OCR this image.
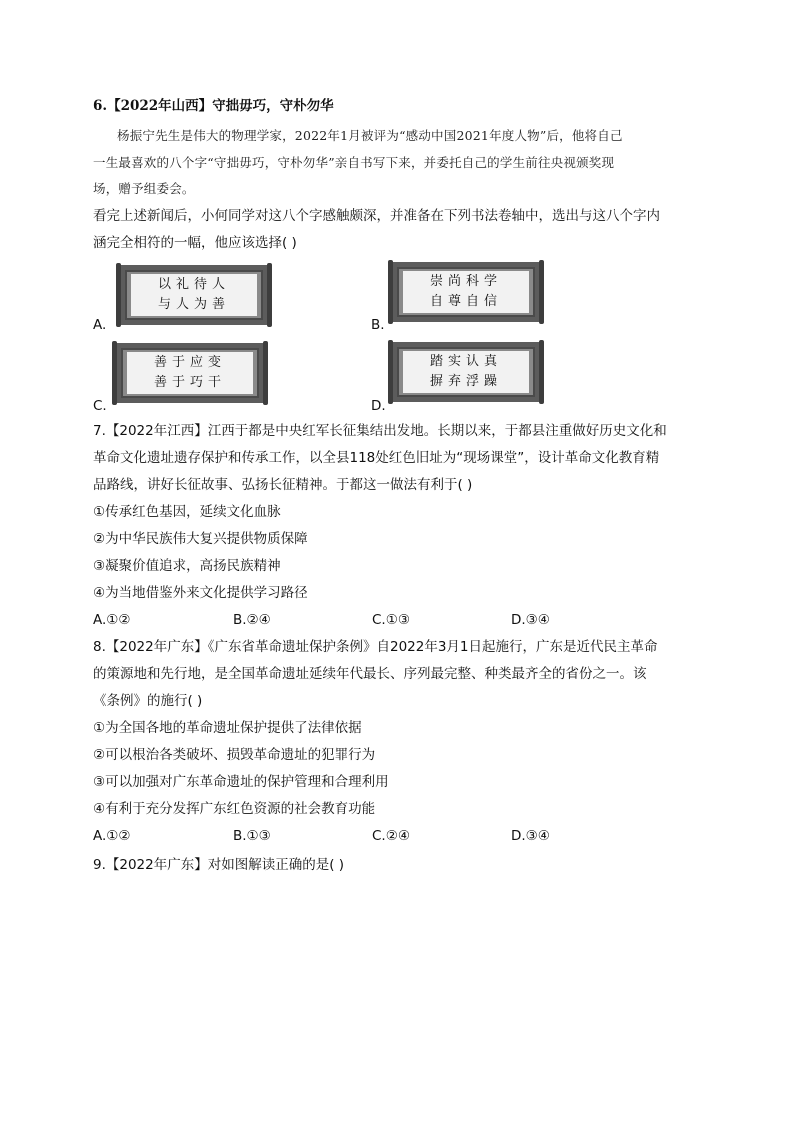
6.【2022年山西】守拙毋巧，守朴勿华
杨振宁先生是伟大的物理学家，2022年1月被评为“感动中国2021年度人物”后，他将自己
一生最喜欢的八个字“守拙毋巧，守朴勿华”亲自书写下来，并委托自己的学生前往央视颁奖现
场，赠予组委会。
看完上述新闻后，小何同学对这八个字感触颇深，并准备在下列书法卷轴中，选出与这八个字内
涵完全相符的一幅，他应该选择( )
A.
以礼待人
与人为善
B.
崇尚科学
自尊自信
C.
善于应变
善于巧干
D.
踏实认真
摒弃浮躁
7.【2022年江西】江西于都是中央红军长征集结出发地。长期以来，于都县注重做好历史文化和
革命文化遗址遗存保护和传承工作，以全县118处红色旧址为“现场课堂”，设计革命文化教育精
品路线，讲好长征故事、弘扬长征精神。于都这一做法有利于( )
①传承红色基因，延续文化血脉
②为中华民族伟大复兴提供物质保障
③凝聚价值追求，高扬民族精神
④为当地借鉴外来文化提供学习路径
A.①②	B.②④	C.①③	D.③④
8.【2022年广东】《广东省革命遗址保护条例》自2022年3月1日起施行，广东是近代民主革命
的策源地和先行地，是全国革命遗址延续年代最长、序列最完整、种类最齐全的省份之一。该
《条例》的施行( )
①为全国各地的革命遗址保护提供了法律依据
②可以根治各类破坏、损毁革命遗址的犯罪行为
③可以加强对广东革命遗址的保护管理和合理利用
④有利于充分发挥广东红色资源的社会教育功能
A.①②	B.①③	C.②④	D.③④
9.【2022年广东】对如图解读正确的是( )
